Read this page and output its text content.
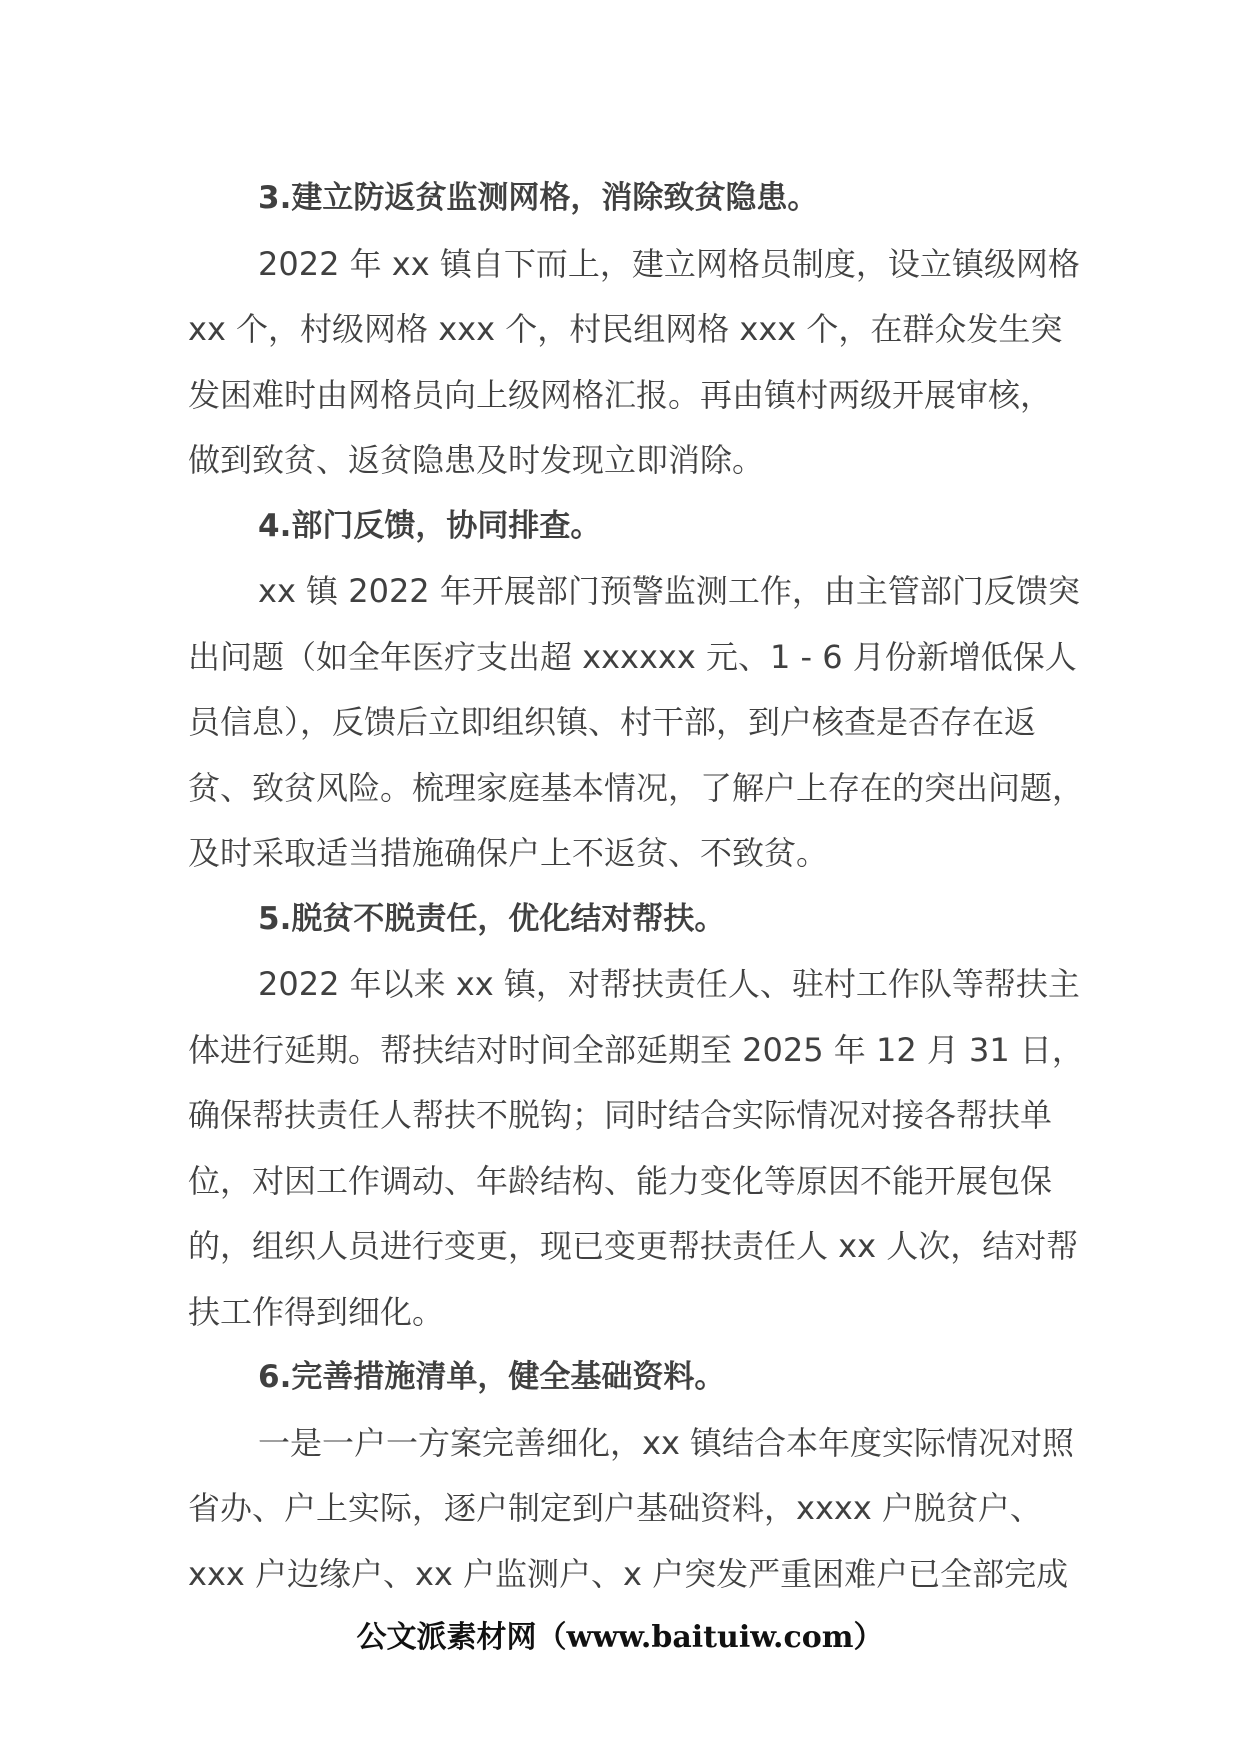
3.建立防返贫监测网格，消除致贫隐患。
2022 年 xx 镇自下而上，建立网格员制度，设立镇级网格
xx 个，村级网格 xxx 个，村民组网格 xxx 个，在群众发生突
发困难时由网格员向上级网格汇报。再由镇村两级开展审核，
做到致贫、返贫隐患及时发现立即消除。
4.部门反馈，协同排查。
xx 镇 2022 年开展部门预警监测工作，由主管部门反馈突
出问题（如全年医疗支出超 xxxxxx 元、1 - 6 月份新增低保人
员信息），反馈后立即组织镇、村干部，到户核查是否存在返
贫、致贫风险。梳理家庭基本情况，了解户上存在的突出问题，
及时采取适当措施确保户上不返贫、不致贫。
5.脱贫不脱责任，优化结对帮扶。
2022 年以来 xx 镇，对帮扶责任人、驻村工作队等帮扶主
体进行延期。帮扶结对时间全部延期至 2025 年 12 月 31 日，
确保帮扶责任人帮扶不脱钩；同时结合实际情况对接各帮扶单
位，对因工作调动、年龄结构、能力变化等原因不能开展包保
的，组织人员进行变更，现已变更帮扶责任人 xx 人次，结对帮
扶工作得到细化。
6.完善措施清单，健全基础资料。
一是一户一方案完善细化，xx 镇结合本年度实际情况对照
省办、户上实际，逐户制定到户基础资料，xxxx 户脱贫户、
xxx 户边缘户、xx 户监测户、x 户突发严重困难户已全部完成
公文派素材网（www.baituiw.com）
